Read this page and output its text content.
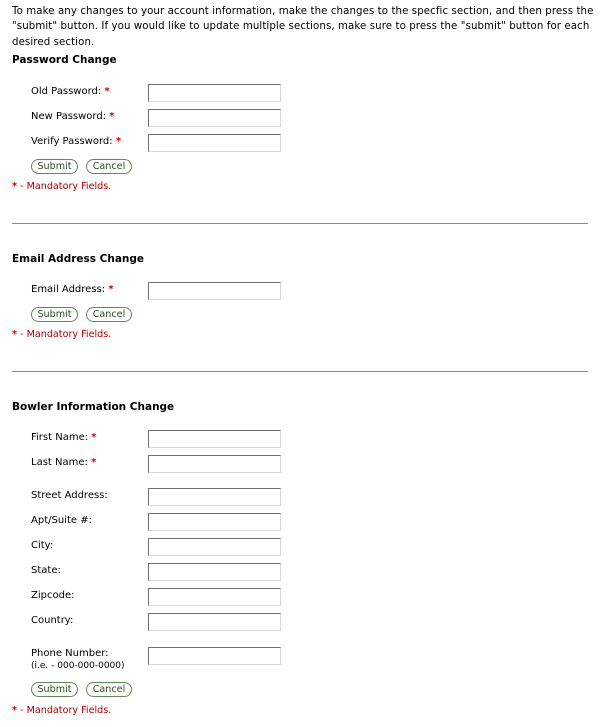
To make any changes to your account information, make the changes to the specfic section, and then press the "submit" button. If you would like to update multiple sections, make sure to press the "submit" button for each desired section.
Password Change
Old Password: *
New Password: *
Verify Password: *
Submit	Cancel
* - Mandatory Fields.
Email Address Change
Email Address: *
Submit	Cancel
* - Mandatory Fields.
Bowler Information Change
First Name: *
Last Name: *
Street Address:
Apt/Suite #:
City:
State:
Zipcode:
Country:
Phone Number:
(i.e. - 000-000-0000)
Submit	Cancel
* - Mandatory Fields.
